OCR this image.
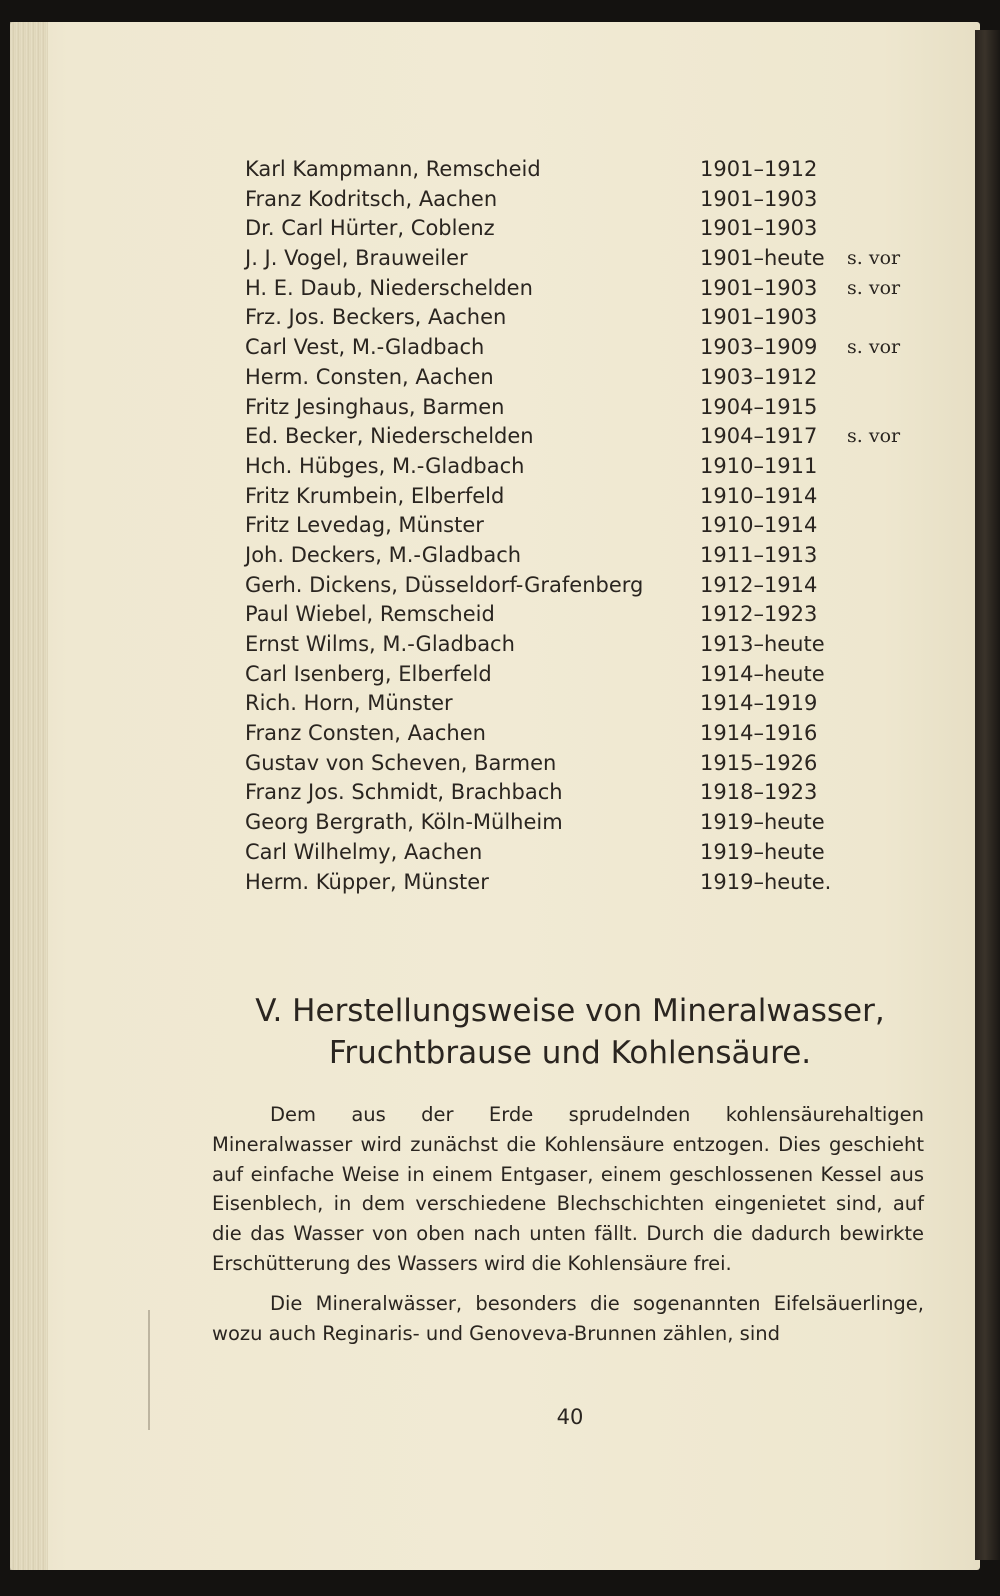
Karl Kampmann, Remscheid	1901–1912
Franz Kodritsch, Aachen	1901–1903
Dr. Carl Hürter, Coblenz	1901–1903
J. J. Vogel, Brauweiler	1901–heute s. vor
H. E. Daub, Niederschelden	1901–1903 s. vor
Frz. Jos. Beckers, Aachen	1901–1903
Carl Vest, M.-Gladbach	1903–1909 s. vor
Herm. Consten, Aachen	1903–1912
Fritz Jesinghaus, Barmen	1904–1915
Ed. Becker, Niederschelden	1904–1917 s. vor
Hch. Hübges, M.-Gladbach	1910–1911
Fritz Krumbein, Elberfeld	1910–1914
Fritz Levedag, Münster	1910–1914
Joh. Deckers, M.-Gladbach	1911–1913
Gerh. Dickens, Düsseldorf-Grafenberg	1912–1914
Paul Wiebel, Remscheid	1912–1923
Ernst Wilms, M.-Gladbach	1913–heute
Carl Isenberg, Elberfeld	1914–heute
Rich. Horn, Münster	1914–1919
Franz Consten, Aachen	1914–1916
Gustav von Scheven, Barmen	1915–1926
Franz Jos. Schmidt, Brachbach	1918–1923
Georg Bergrath, Köln-Mülheim	1919–heute
Carl Wilhelmy, Aachen	1919–heute
Herm. Küpper, Münster	1919–heute.
V. Herstellungsweise von Mineralwasser,
Fruchtbrause und Kohlensäure.

Dem aus der Erde sprudelnden kohlensäurehaltigen Mineralwasser wird zunächst die Kohlensäure entzogen. Dies geschieht auf einfache Weise in einem Entgaser, einem geschlossenen Kessel aus Eisenblech, in dem verschiedene Blechschichten eingenietet sind, auf die das Wasser von oben nach unten fällt. Durch die dadurch bewirkte Erschütterung des Wassers wird die Kohlensäure frei.

Die Mineralwässer, besonders die sogenannten Eifelsäuerlinge, wozu auch Reginaris- und Genoveva-Brunnen zählen, sind

40
